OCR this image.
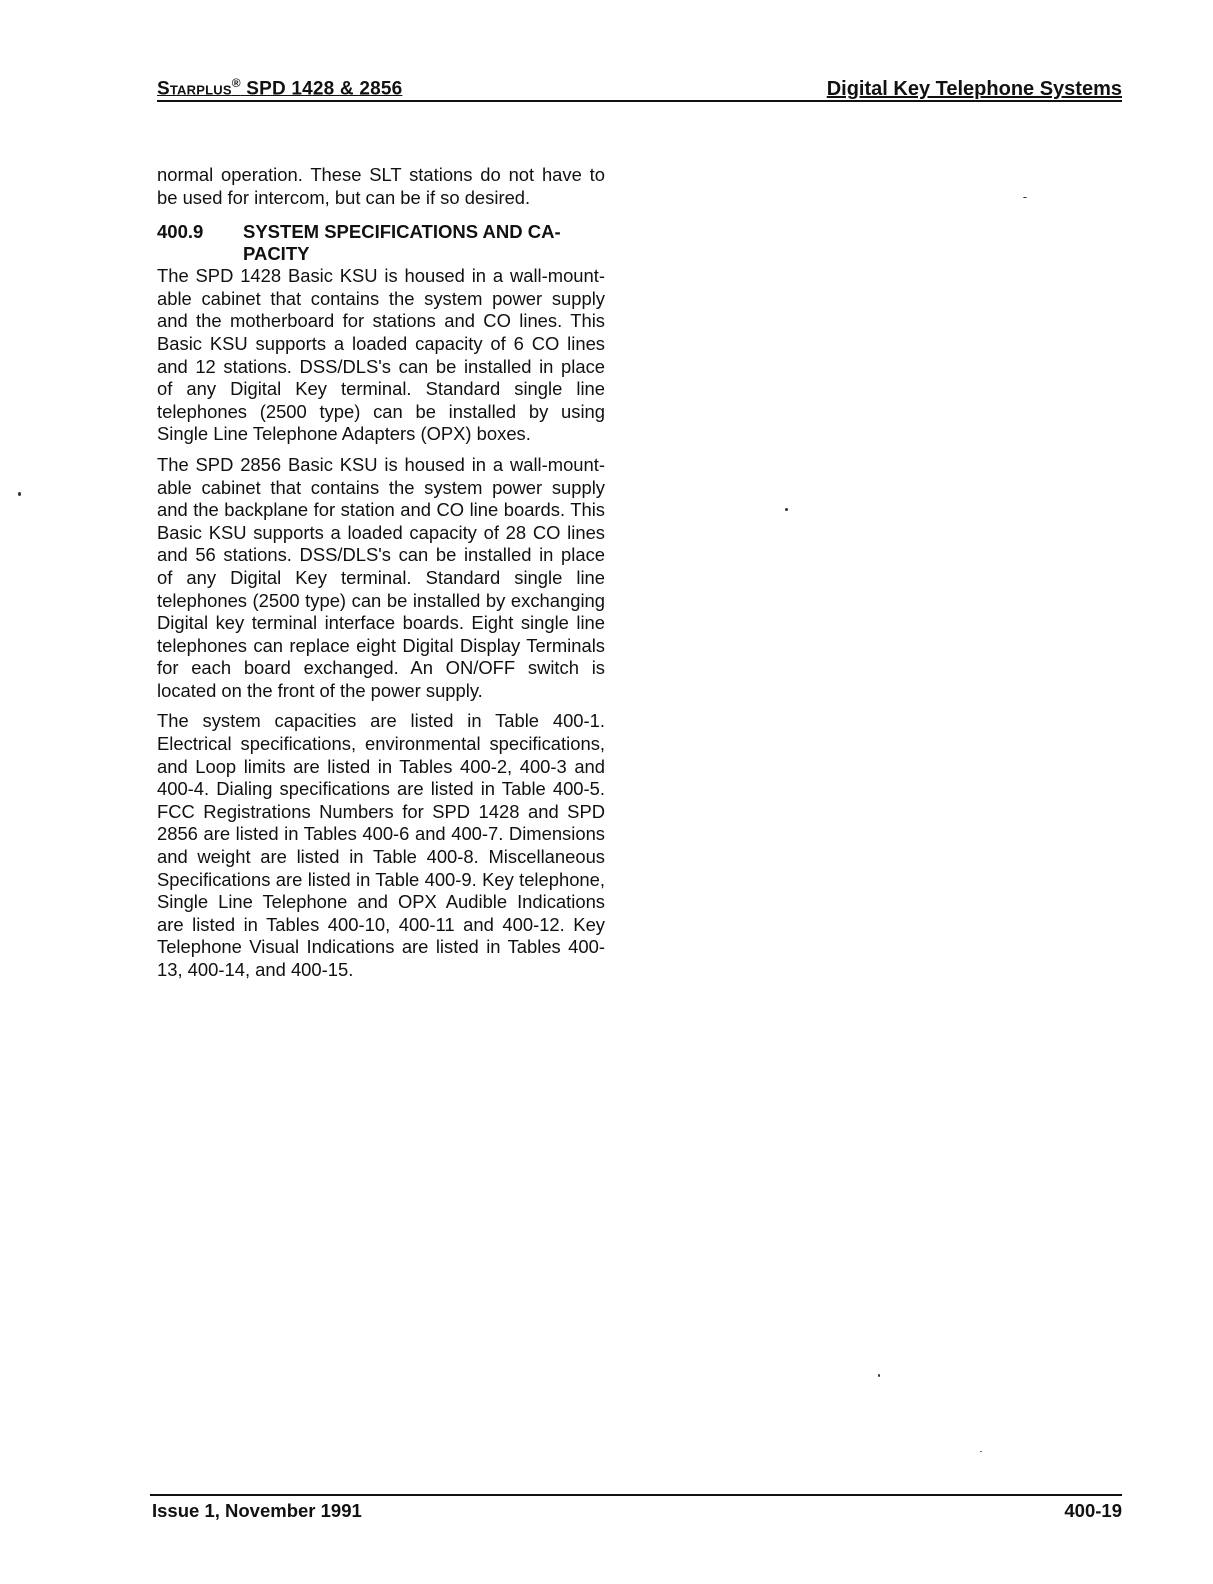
Starplus® SPD 1428 & 2856	Digital Key Telephone Systems

normal operation. These SLT stations do not have to be used for intercom, but can be if so desired.

400.9	SYSTEM SPECIFICATIONS AND CA-PACITY

The SPD 1428 Basic KSU is housed in a wall-mountable cabinet that contains the system power supply and the motherboard for stations and CO lines. This Basic KSU supports a loaded capacity of 6 CO lines and 12 stations. DSS/DLS's can be installed in place of any Digital Key terminal. Standard single line telephones (2500 type) can be installed by using Single Line Telephone Adapters (OPX) boxes.

The SPD 2856 Basic KSU is housed in a wall-mountable cabinet that contains the system power supply and the backplane for station and CO line boards. This Basic KSU supports a loaded capacity of 28 CO lines and 56 stations. DSS/DLS's can be installed in place of any Digital Key terminal. Standard single line telephones (2500 type) can be installed by exchanging Digital key terminal interface boards. Eight single line telephones can replace eight Digital Display Terminals for each board exchanged. An ON/OFF switch is located on the front of the power supply.

The system capacities are listed in Table 400-1. Electrical specifications, environmental specifications, and Loop limits are listed in Tables 400-2, 400-3 and 400-4. Dialing specifications are listed in Table 400-5. FCC Registrations Numbers for SPD 1428 and SPD 2856 are listed in Tables 400-6 and 400-7. Dimensions and weight are listed in Table 400-8. Miscellaneous Specifications are listed in Table 400-9. Key telephone, Single Line Telephone and OPX Audible Indications are listed in Tables 400-10, 400-11 and 400-12. Key Telephone Visual Indications are listed in Tables 400-13, 400-14, and 400-15.

Issue 1, November 1991	400-19
